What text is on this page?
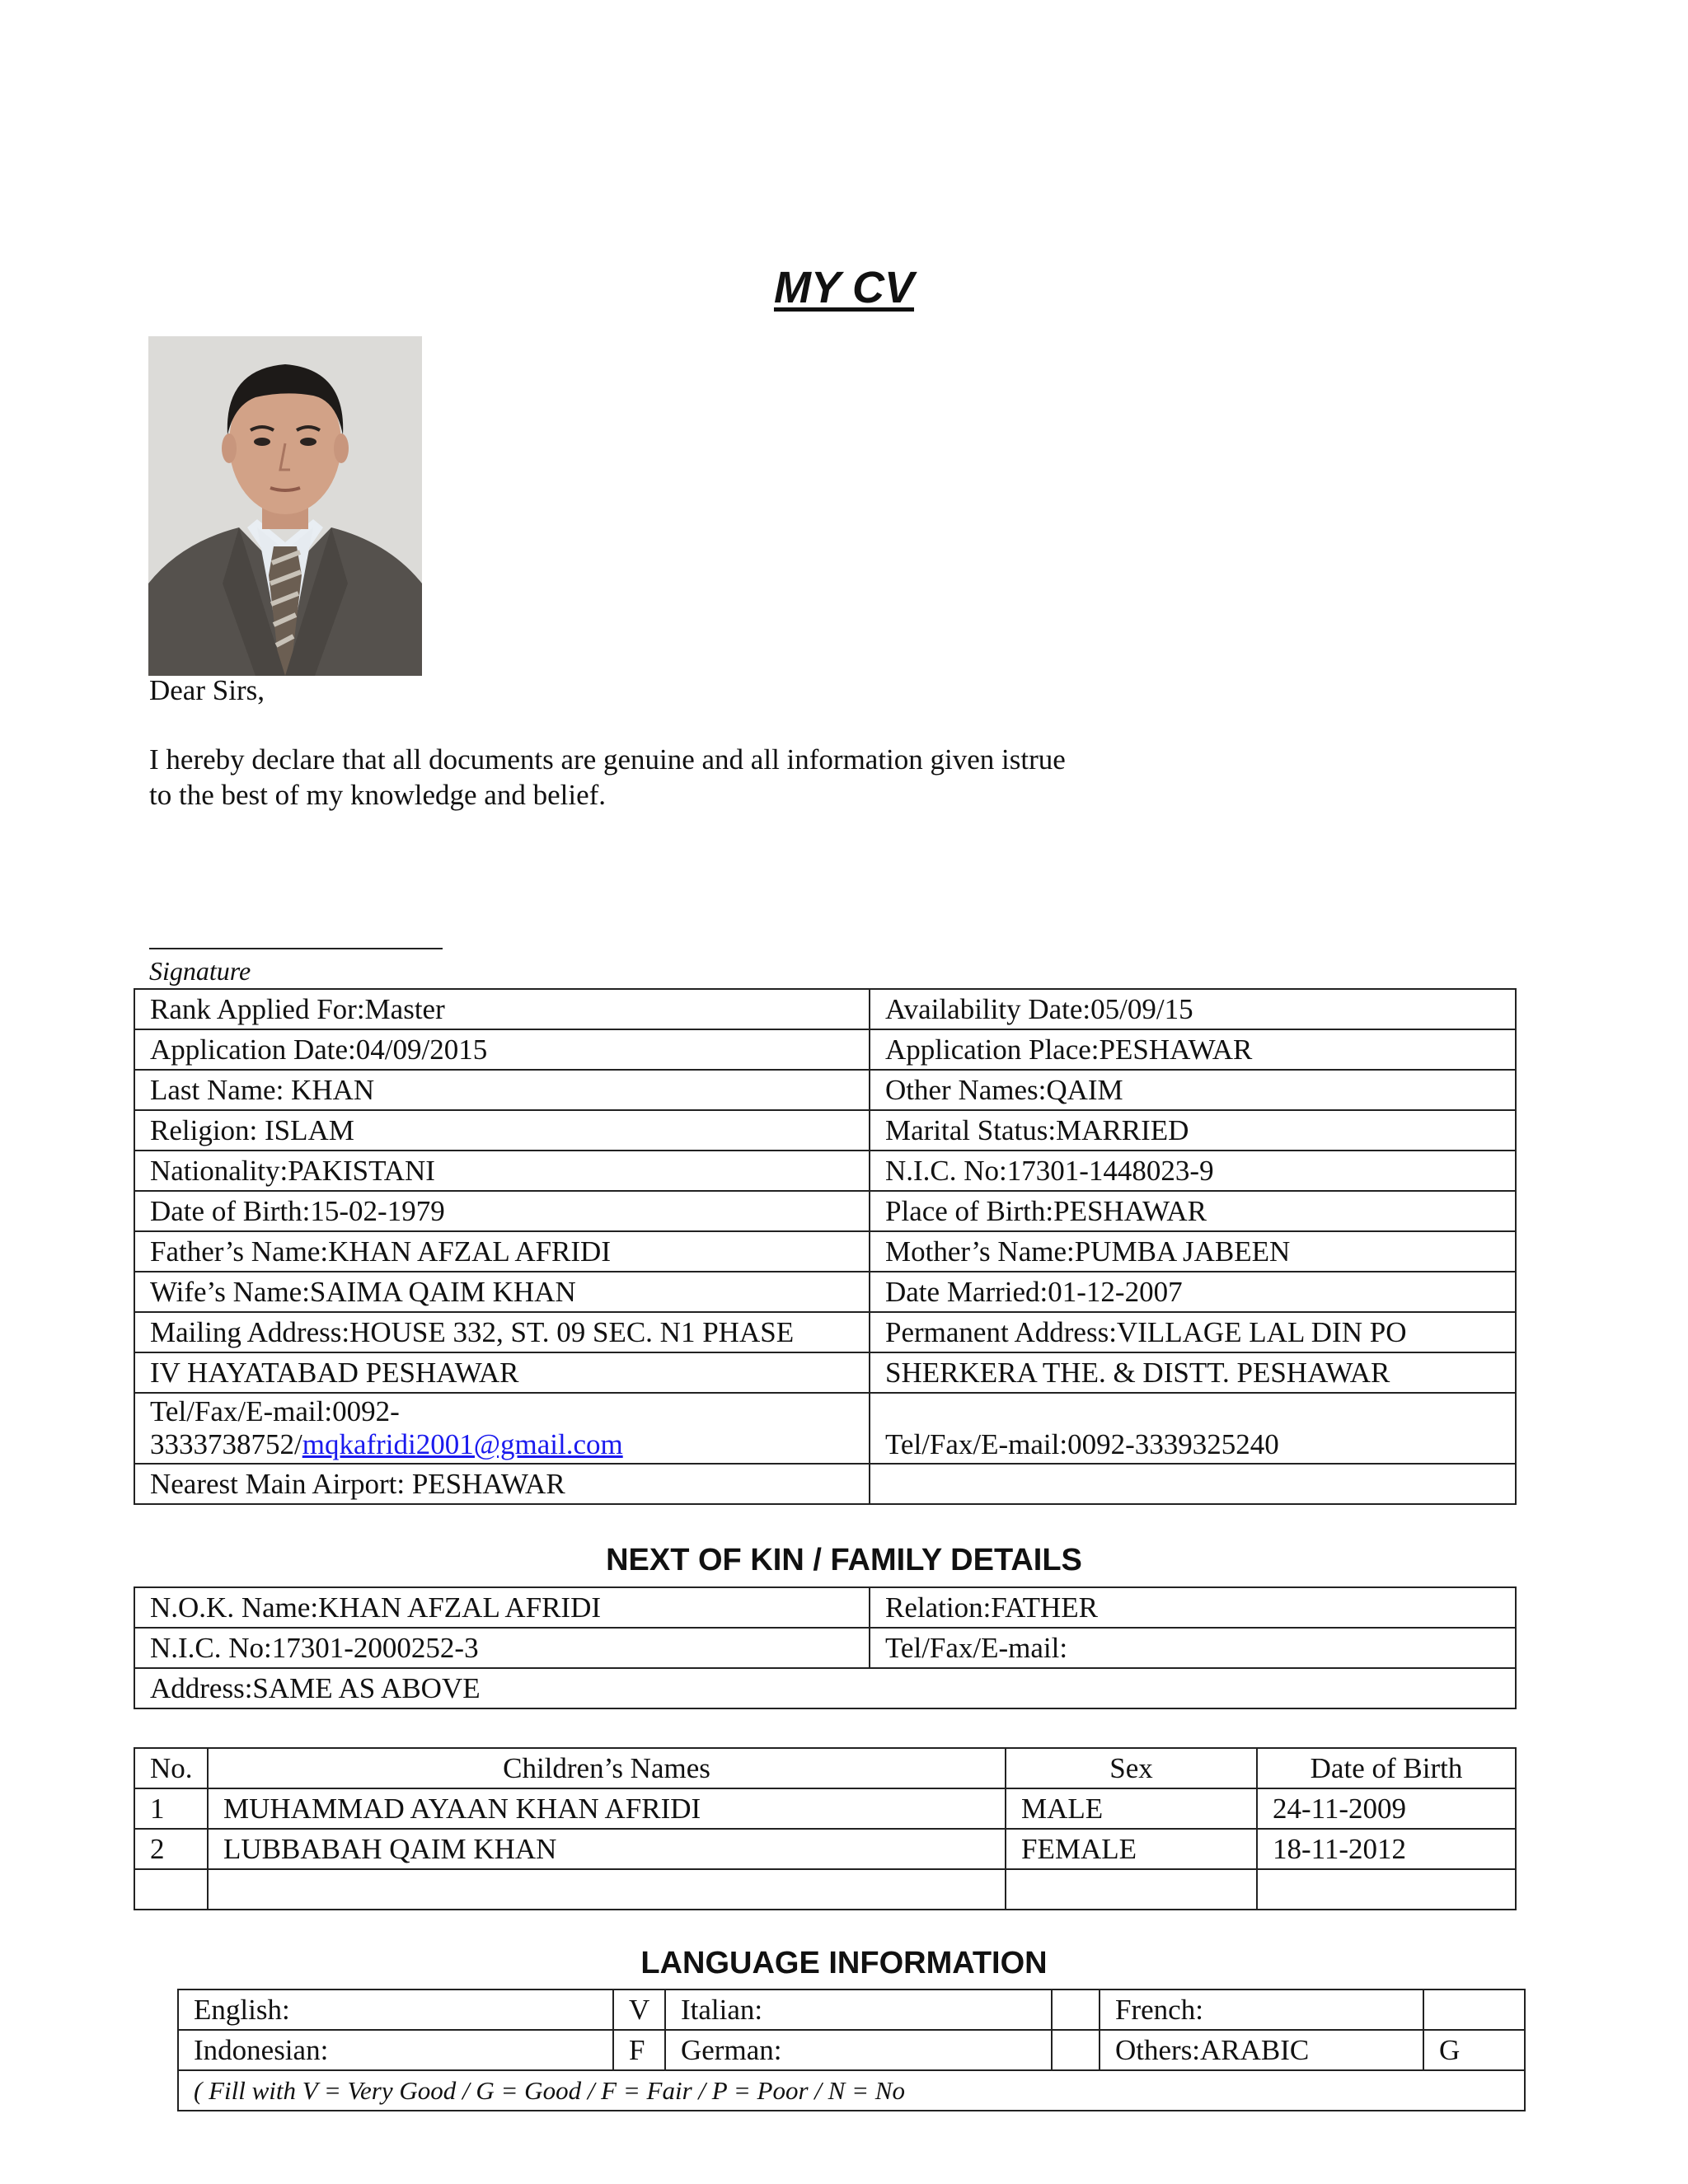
MY CV
Dear Sirs,

I hereby declare that all documents are genuine and all information given istrue
to the best of my knowledge and belief.

Signature
Rank Applied For:Master	Availability Date:05/09/15
Application Date:04/09/2015	Application Place:PESHAWAR
Last Name: KHAN	Other Names:QAIM
Religion: ISLAM	Marital Status:MARRIED
Nationality:PAKISTANI	N.I.C. No:17301-1448023-9
Date of Birth:15-02-1979	Place of Birth:PESHAWAR
Father’s Name:KHAN AFZAL AFRIDI	Mother’s Name:PUMBA JABEEN
Wife’s Name:SAIMA QAIM KHAN	Date Married:01-12-2007
Mailing Address:HOUSE 332, ST. 09 SEC. N1 PHASE	Permanent Address:VILLAGE LAL DIN PO
IV HAYATABAD PESHAWAR	SHERKERA THE. & DISTT. PESHAWAR
Tel/Fax/E-mail:0092-
3333738752/mqkafridi2001@gmail.com	Tel/Fax/E-mail:0092-3339325240
Nearest Main Airport: PESHAWAR	
NEXT OF KIN / FAMILY DETAILS
N.O.K. Name:KHAN AFZAL AFRIDI	Relation:FATHER
N.I.C. No:17301-2000252-3	Tel/Fax/E-mail:
Address:SAME AS ABOVE	
No.	Children’s Names	Sex	Date of Birth
1	MUHAMMAD AYAAN KHAN AFRIDI	MALE	24-11-2009
2	LUBBABAH QAIM KHAN	FEMALE	18-11-2012

LANGUAGE INFORMATION
English:	V	Italian:		French:	
Indonesian:	F	German:		Others:ARABIC	G
( Fill with V = Very Good / G = Good / F = Fair / P = Poor / N = No					
